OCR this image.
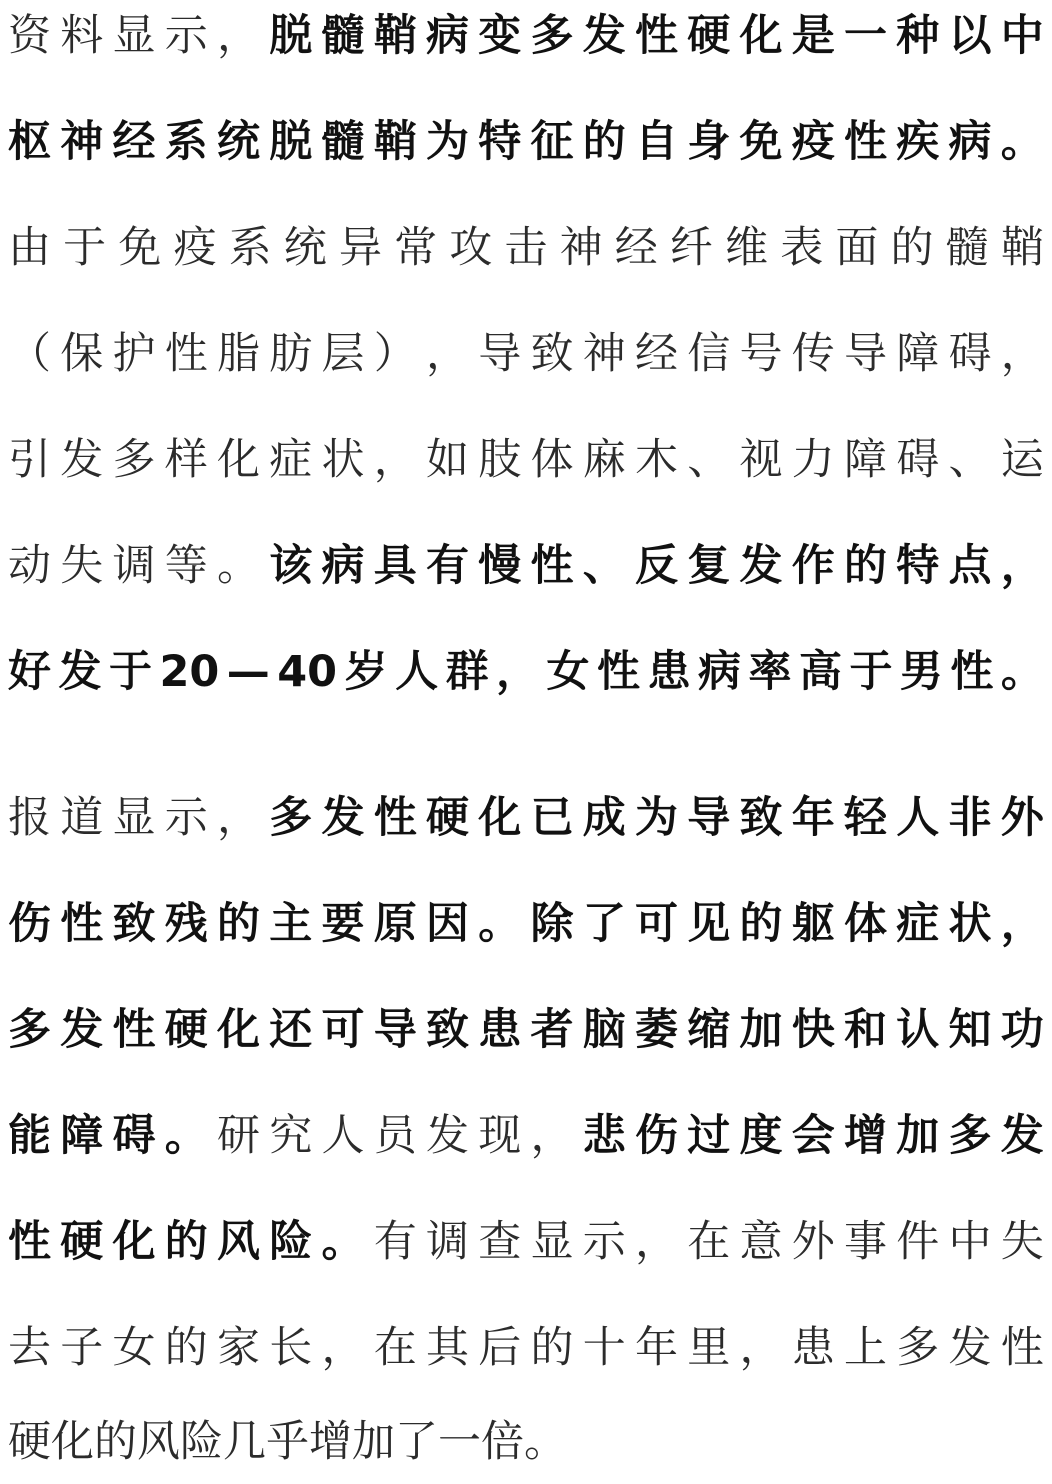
资 料 显 示 ， 脱 髓 鞘 病 变 多 发 性 硬 化 是 一 种 以 中
枢 神 经 系 统 脱 髓 鞘 为 特 征 的 自 身 免 疫 性 疾 病 。
由 于 免 疫 系 统 异 常 攻 击 神 经 纤 维 表 面 的 髓 鞘
（ 保 护 性 脂 肪 层 ） ， 导 致 神 经 信 号 传 导 障 碍 ，
引 发 多 样 化 症 状 ， 如 肢 体 麻 木 、 视 力 障 碍 、 运
动 失 调 等 。 该 病 具 有 慢 性 、 反 复 发 作 的 特 点 ，
好 发 于 20 — 40 岁 人 群 ， 女 性 患 病 率 高 于 男 性 。
报 道 显 示 ， 多 发 性 硬 化 已 成 为 导 致 年 轻 人 非 外
伤 性 致 残 的 主 要 原 因 。 除 了 可 见 的 躯 体 症 状 ，
多 发 性 硬 化 还 可 导 致 患 者 脑 萎 缩 加 快 和 认 知 功
能 障 碍 。 研 究 人 员 发 现 ， 悲 伤 过 度 会 增 加 多 发
性 硬 化 的 风 险 。 有 调 查 显 示 ， 在 意 外 事 件 中 失
去 子 女 的 家 长 ， 在 其 后 的 十 年 里 ， 患 上 多 发 性
硬 化 的 风 险 几 乎 增 加 了 一 倍 。
